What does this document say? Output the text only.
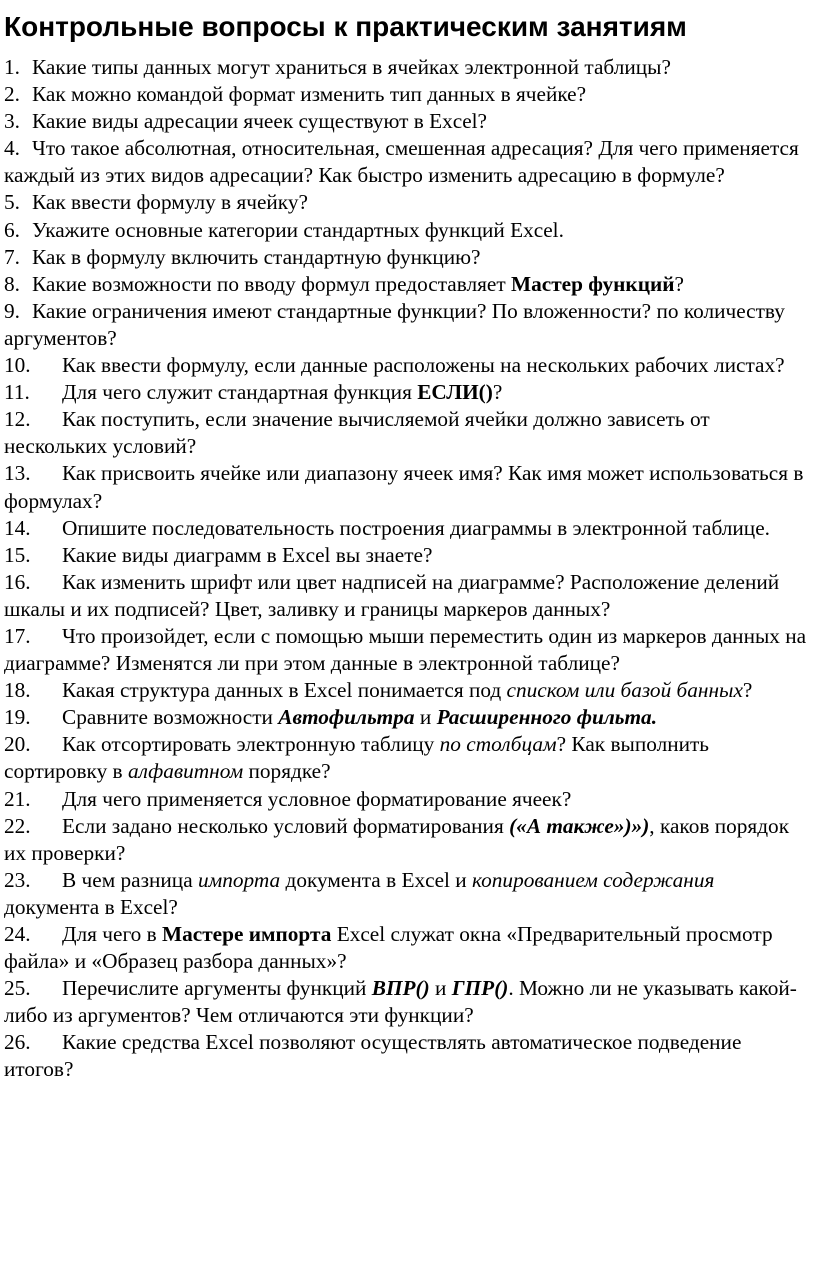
Контрольные вопросы к практическим занятиям
1. Какие типы данных могут храниться в ячейках электронной таблицы?
2. Как можно командой формат изменить тип данных в ячейке?
3. Какие виды адресации ячеек существуют в Excel?
4. Что такое абсолютная, относительная, смешенная адресация? Для чего применяется каждый из этих видов адресации? Как быстро изменить адресацию в формуле?
5. Как ввести формулу в ячейку?
6. Укажите основные категории стандартных функций Excel.
7. Как в формулу включить стандартную функцию?
8. Какие возможности по вводу формул предоставляет Мастер функций?
9. Какие ограничения имеют стандартные функции? По вложенности? по количеству аргументов?
10. Как ввести формулу, если данные расположены на нескольких рабочих листах?
11. Для чего служит стандартная функция ЕСЛИ()?
12. Как поступить, если значение вычисляемой ячейки должно зависеть от нескольких условий?
13. Как присвоить ячейке или диапазону ячеек имя? Как имя может использоваться в формулах?
14. Опишите последовательность построения диаграммы в электронной таблице.
15. Какие виды диаграмм в Excel вы знаете?
16. Как изменить шрифт или цвет надписей на диаграмме? Расположение делений шкалы и их подписей? Цвет, заливку и границы маркеров данных?
17. Что произойдет, если с помощью мыши переместить один из маркеров данных на диаграмме? Изменятся ли при этом данные в электронной таблице?
18. Какая структура данных в Excel понимается под списком или базой банных?
19. Сравните возможности Автофильтра и Расширенного фильта.
20. Как отсортировать электронную таблицу по столбцам? Как выполнить сортировку в алфавитном порядке?
21. Для чего применяется условное форматирование ячеек?
22. Если задано несколько условий форматирования («А также»)»), каков порядок их проверки?
23. В чем разница импорта документа в Excel и копированием содержания документа в Excel?
24. Для чего в Мастере импорта Excel служат окна «Предварительный просмотр файла» и «Образец разбора данных»?
25. Перечислите аргументы функций ВПР() и ГПР(). Можно ли не указывать какой-либо из аргументов? Чем отличаются эти функции?
26. Какие средства Excel позволяют осуществлять автоматическое подведение итогов?
